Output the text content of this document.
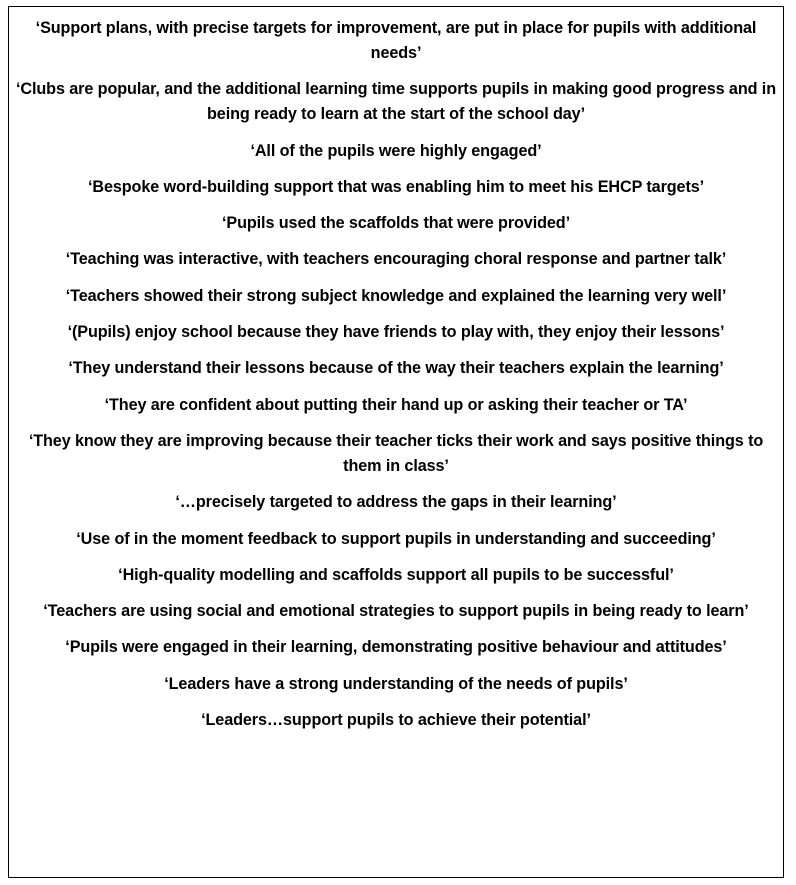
‘Support plans, with precise targets for improvement, are put in place for pupils with additional needs’
‘Clubs are popular, and the additional learning time supports pupils in making good progress and in being ready to learn at the start of the school day’
‘All of the pupils were highly engaged’
‘Bespoke word-building support that was enabling him to meet his EHCP targets’
‘Pupils used the scaffolds that were provided’
‘Teaching was interactive, with teachers encouraging choral response and partner talk’
‘Teachers showed their strong subject knowledge and explained the learning very well’
‘(Pupils) enjoy school because they have friends to play with, they enjoy their lessons’
‘They understand their lessons because of the way their teachers explain the learning’
‘They are confident about putting their hand up or asking their teacher or TA’
‘They know they are improving because their teacher ticks their work and says positive things to them in class’
‘…precisely targeted to address the gaps in their learning’
‘Use of in the moment feedback to support pupils in understanding and succeeding’
‘High-quality modelling and scaffolds support all pupils to be successful’
‘Teachers are using social and emotional strategies to support pupils in being ready to learn’
‘Pupils were engaged in their learning, demonstrating positive behaviour and attitudes’
‘Leaders have a strong understanding of the needs of pupils’
‘Leaders…support pupils to achieve their potential’
